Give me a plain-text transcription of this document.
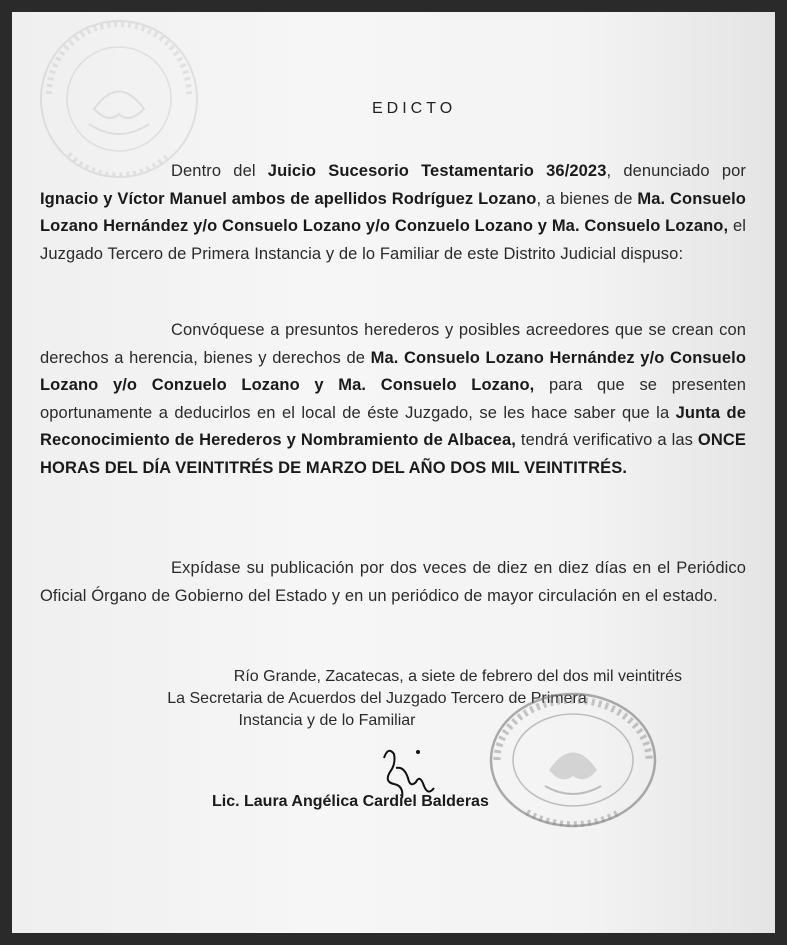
EDICTO

Dentro del Juicio Sucesorio Testamentario 36/2023, denunciado por Ignacio y Víctor Manuel ambos de apellidos Rodríguez Lozano, a bienes de Ma. Consuelo Lozano Hernández y/o Consuelo Lozano y/o Conzuelo Lozano y Ma. Consuelo Lozano, el Juzgado Tercero de Primera Instancia y de lo Familiar de este Distrito Judicial dispuso:

Convóquese a presuntos herederos y posibles acreedores que se crean con derechos a herencia, bienes y derechos de Ma. Consuelo Lozano Hernández y/o Consuelo Lozano y/o Conzuelo Lozano y Ma. Consuelo Lozano, para que se presenten oportunamente a deducirlos en el local de éste Juzgado, se les hace saber que la Junta de Reconocimiento de Herederos y Nombramiento de Albacea, tendrá verificativo a las ONCE HORAS DEL DÍA VEINTITRÉS DE MARZO DEL AÑO DOS MIL VEINTITRÉS.

Expídase su publicación por dos veces de diez en diez días en el Periódico Oficial Órgano de Gobierno del Estado y en un periódico de mayor circulación en el estado.

Río Grande, Zacatecas, a siete de febrero del dos mil veintitrés
La Secretaria de Acuerdos del Juzgado Tercero de Primera
Instancia y de lo Familiar
Lic. Laura Angélica Cardiel Balderas
